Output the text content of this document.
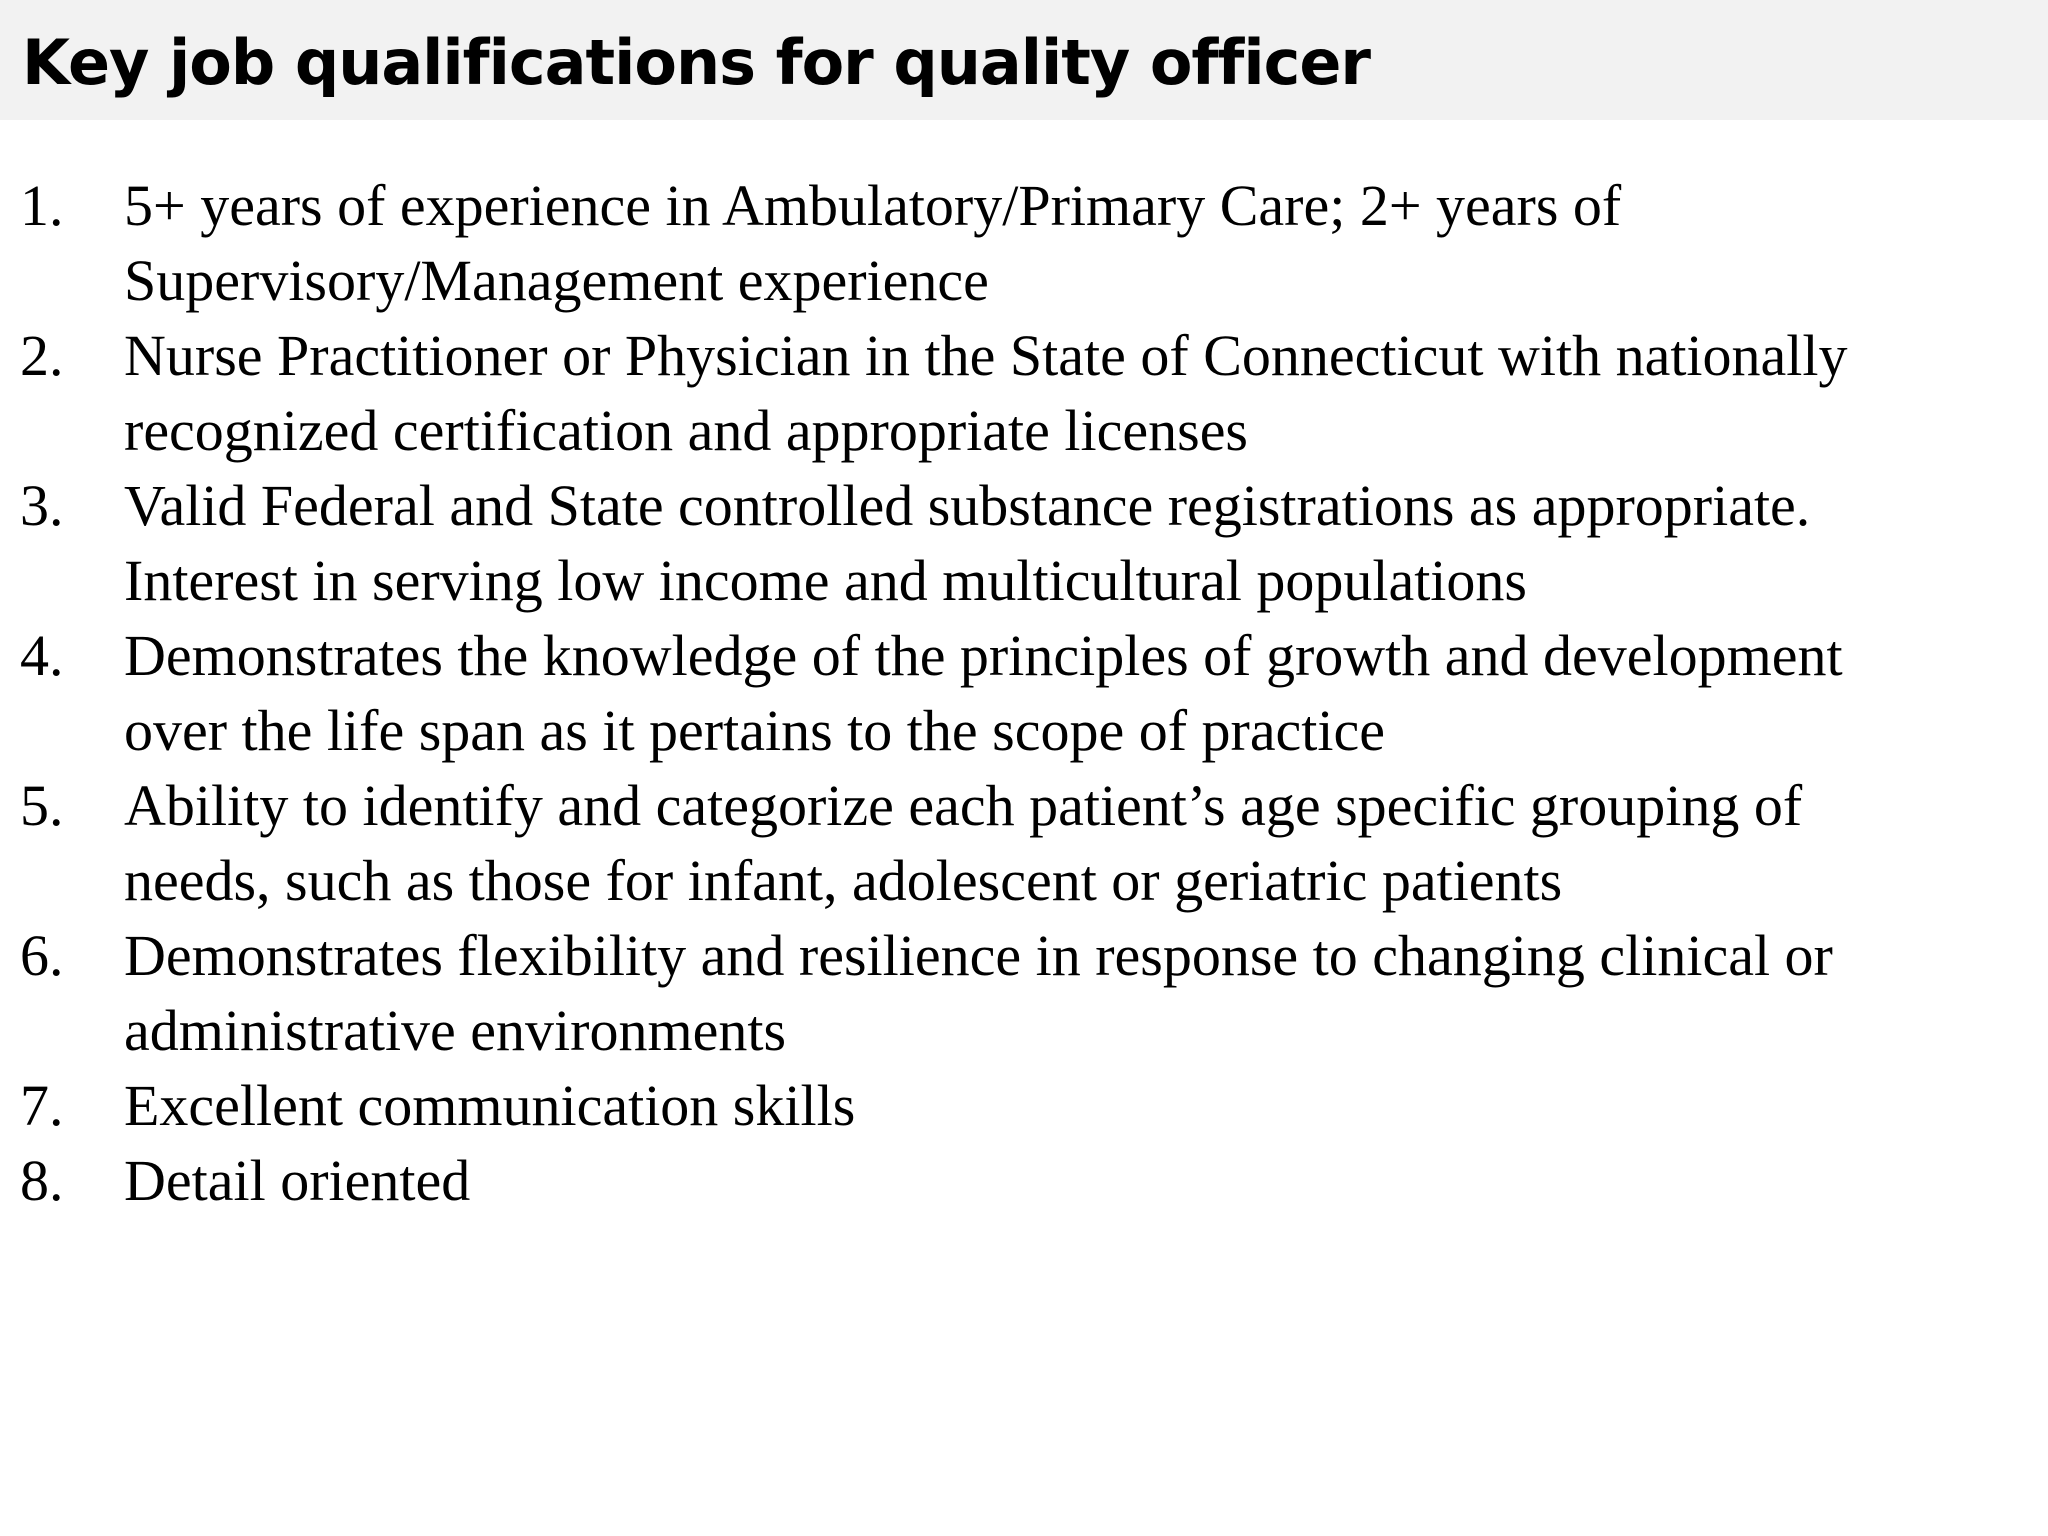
Key job qualifications for quality officer
1. 5+ years of experience in Ambulatory/Primary Care; 2+ years of
Supervisory/Management experience
2. Nurse Practitioner or Physician in the State of Connecticut with nationally
recognized certification and appropriate licenses
3. Valid Federal and State controlled substance registrations as appropriate.
Interest in serving low income and multicultural populations
4. Demonstrates the knowledge of the principles of growth and development
over the life span as it pertains to the scope of practice
5. Ability to identify and categorize each patient’s age specific grouping of
needs, such as those for infant, adolescent or geriatric patients
6. Demonstrates flexibility and resilience in response to changing clinical or
administrative environments
7. Excellent communication skills
8. Detail oriented
